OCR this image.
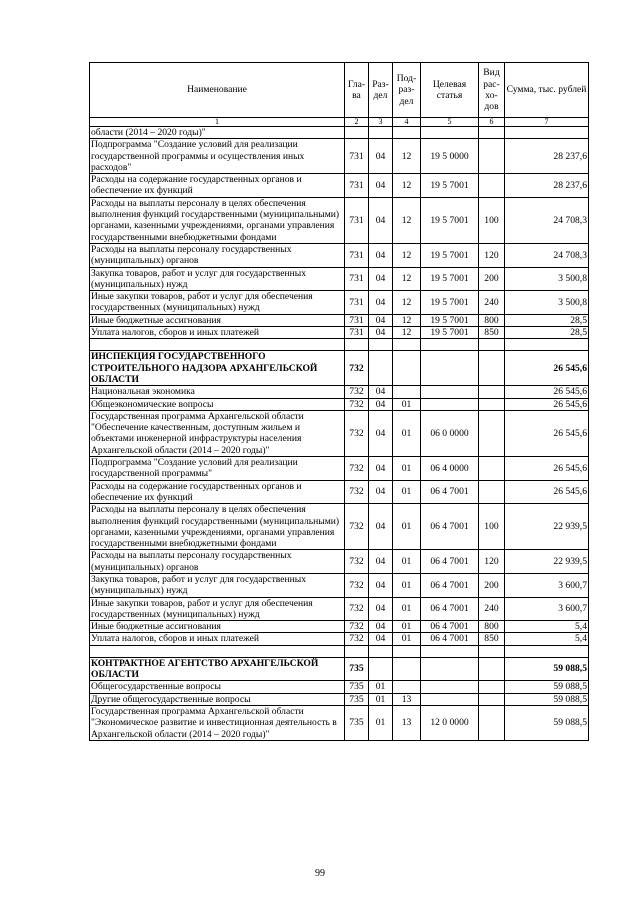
Наименование	Гла-ва	Раз-дел	Под-раз-дел	Целевая статья	Вид рас-хо-дов	Сумма, тыс. рублей
1	2	3	4	5	6	7
области (2014 – 2020 годы)"						
Подпрограмма "Создание условий для реализации государственной программы и осуществления иных расходов"	731	04	12	19 5 0000		28 237,6
Расходы на содержание государственных органов и обеспечение их функций	731	04	12	19 5 7001		28 237,6
Расходы на выплаты персоналу в целях обеспечения выполнения функций государственными (муниципальными) органами, казенными учреждениями, органами управления государственными внебюджетными фондами	731	04	12	19 5 7001	100	24 708,3
Расходы на выплаты персоналу государственных (муниципальных) органов	731	04	12	19 5 7001	120	24 708,3
Закупка товаров, работ и услуг для государственных (муниципальных) нужд	731	04	12	19 5 7001	200	3 500,8
Иные закупки товаров, работ и услуг для обеспечения государственных (муниципальных) нужд	731	04	12	19 5 7001	240	3 500,8
Иные бюджетные ассигнования	731	04	12	19 5 7001	800	28,5
Уплата налогов, сборов и иных платежей	731	04	12	19 5 7001	850	28,5

ИНСПЕКЦИЯ ГОСУДАРСТВЕННОГО СТРОИТЕЛЬНОГО НАДЗОРА АРХАНГЕЛЬСКОЙ ОБЛАСТИ	732					26 545,6
Национальная экономика	732	04				26 545,6
Общеэкономические вопросы	732	04	01			26 545,6
Государственная программа Архангельской области "Обеспечение качественным, доступным жильем и объектами инженерной инфраструктуры населения Архангельской области (2014 – 2020 годы)"	732	04	01	06 0 0000		26 545,6
Подпрограмма "Создание условий для реализации государственной программы"	732	04	01	06 4 0000		26 545,6
Расходы на содержание государственных органов и обеспечение их функций	732	04	01	06 4 7001		26 545,6
Расходы на выплаты персоналу в целях обеспечения выполнения функций государственными (муниципальными) органами, казенными учреждениями, органами управления государственными внебюджетными фондами	732	04	01	06 4 7001	100	22 939,5
Расходы на выплаты персоналу государственных (муниципальных) органов	732	04	01	06 4 7001	120	22 939,5
Закупка товаров, работ и услуг для государственных (муниципальных) нужд	732	04	01	06 4 7001	200	3 600,7
Иные закупки товаров, работ и услуг для обеспечения государственных (муниципальных) нужд	732	04	01	06 4 7001	240	3 600,7
Иные бюджетные ассигнования	732	04	01	06 4 7001	800	5,4
Уплата налогов, сборов и иных платежей	732	04	01	06 4 7001	850	5,4

КОНТРАКТНОЕ АГЕНТСТВО АРХАНГЕЛЬСКОЙ ОБЛАСТИ	735					59 088,5
Общегосударственные вопросы	735	01				59 088,5
Другие общегосударственные вопросы	735	01	13			59 088,5
Государственная программа Архангельской области "Экономическое развитие и инвестиционная деятельность в Архангельской области (2014 – 2020 годы)"	735	01	13	12 0 0000		59 088,5
99
